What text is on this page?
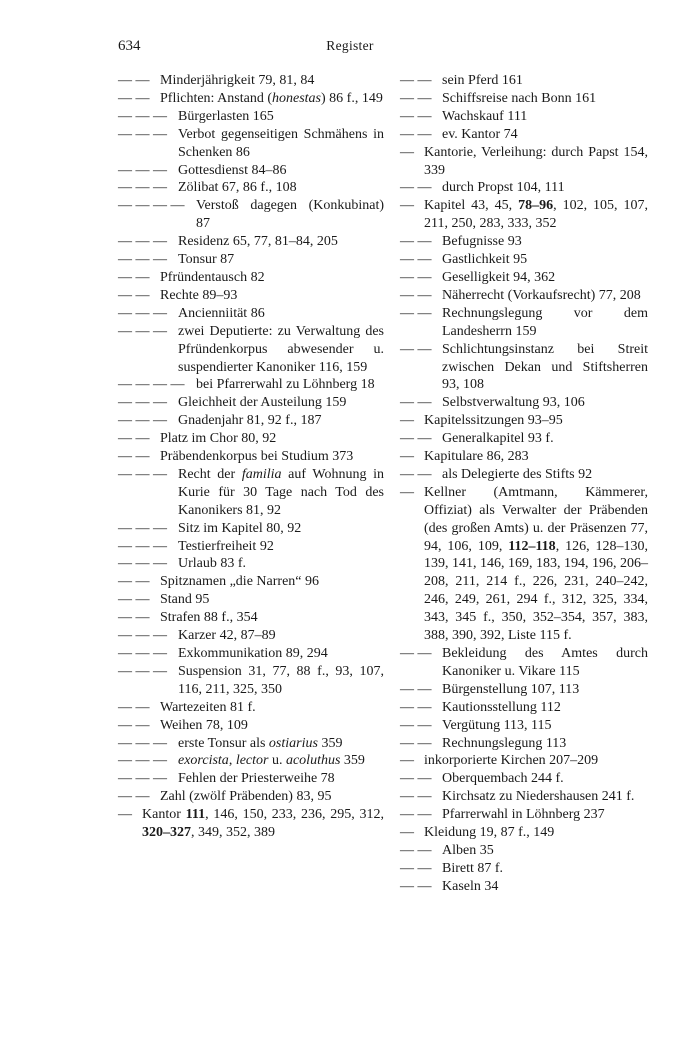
634	Register
— — Minderjährigkeit 79, 81, 84
— — Pflichten: Anstand (honestas) 86 f., 149
— — — Bürgerlasten 165
— — — Verbot gegenseitigen Schmähens in Schenken 86
— — — Gottesdienst 84–86
— — — Zölibat 67, 86 f., 108
— — — — Verstoß dagegen (Konkubinat) 87
— — — Residenz 65, 77, 81–84, 205
— — — Tonsur 87
— — Pfründentausch 82
— — Rechte 89–93
— — — Ancienniität 86
— — — zwei Deputierte: zu Verwaltung des Pfründenkorpus abwesender u. suspendierter Kanoniker 116, 159
— — — — bei Pfarrerwahl zu Löhnberg 18
— — — Gleichheit der Austeilung 159
— — — Gnadenjahr 81, 92 f., 187
— — Platz im Chor 80, 92
— — Präbendenkorpus bei Studium 373
— — — Recht der familia auf Wohnung in Kurie für 30 Tage nach Tod des Kanonikers 81, 92
— — — Sitz im Kapitel 80, 92
— — — Testierfreiheit 92
— — — Urlaub 83 f.
— — Spitznamen „die Narren“ 96
— — Stand 95
— — Strafen 88 f., 354
— — — Karzer 42, 87–89
— — — Exkommunikation 89, 294
— — — Suspension 31, 77, 88 f., 93, 107, 116, 211, 325, 350
— — Wartezeiten 81 f.
— — Weihen 78, 109
— — — erste Tonsur als ostiarius 359
— — — exorcista, lector u. acoluthus 359
— — — Fehlen der Priesterweihe 78
— — Zahl (zwölf Präbenden) 83, 95
— Kantor 111, 146, 150, 233, 236, 295, 312, 320–327, 349, 352, 389
— — sein Pferd 161
— — Schiffsreise nach Bonn 161
— — Wachskauf 111
— — ev. Kantor 74
— Kantorie, Verleihung: durch Papst 154, 339
— — durch Propst 104, 111
— Kapitel 43, 45, 78–96, 102, 105, 107, 211, 250, 283, 333, 352
— — Befugnisse 93
— — Gastlichkeit 95
— — Geselligkeit 94, 362
— — Näherrecht (Vorkaufsrecht) 77, 208
— — Rechnungslegung vor dem Landesherrn 159
— — Schlichtungsinstanz bei Streit zwischen Dekan und Stiftsherren 93, 108
— — Selbstverwaltung 93, 106
— Kapitelssitzungen 93–95
— — Generalkapitel 93 f.
— Kapitulare 86, 283
— — als Delegierte des Stifts 92
— Kellner (Amtmann, Kämmerer, Offiziat) als Verwalter der Präbenden (des großen Amts) u. der Präsenzen 77, 94, 106, 109, 112–118, 126, 128–130, 139, 141, 146, 169, 183, 194, 196, 206–208, 211, 214 f., 226, 231, 240–242, 246, 249, 261, 294 f., 312, 325, 334, 343, 345 f., 350, 352–354, 357, 383, 388, 390, 392, Liste 115 f.
— — Bekleidung des Amtes durch Kanoniker u. Vikare 115
— — Bürgenstellung 107, 113
— — Kautionsstellung 112
— — Vergütung 113, 115
— — Rechnungslegung 113
— inkorporierte Kirchen 207–209
— — Oberquembach 244 f.
— — Kirchsatz zu Niedershausen 241 f.
— — Pfarrerwahl in Löhnberg 237
— Kleidung 19, 87 f., 149
— — Alben 35
— — Birett 87 f.
— — Kaseln 34
